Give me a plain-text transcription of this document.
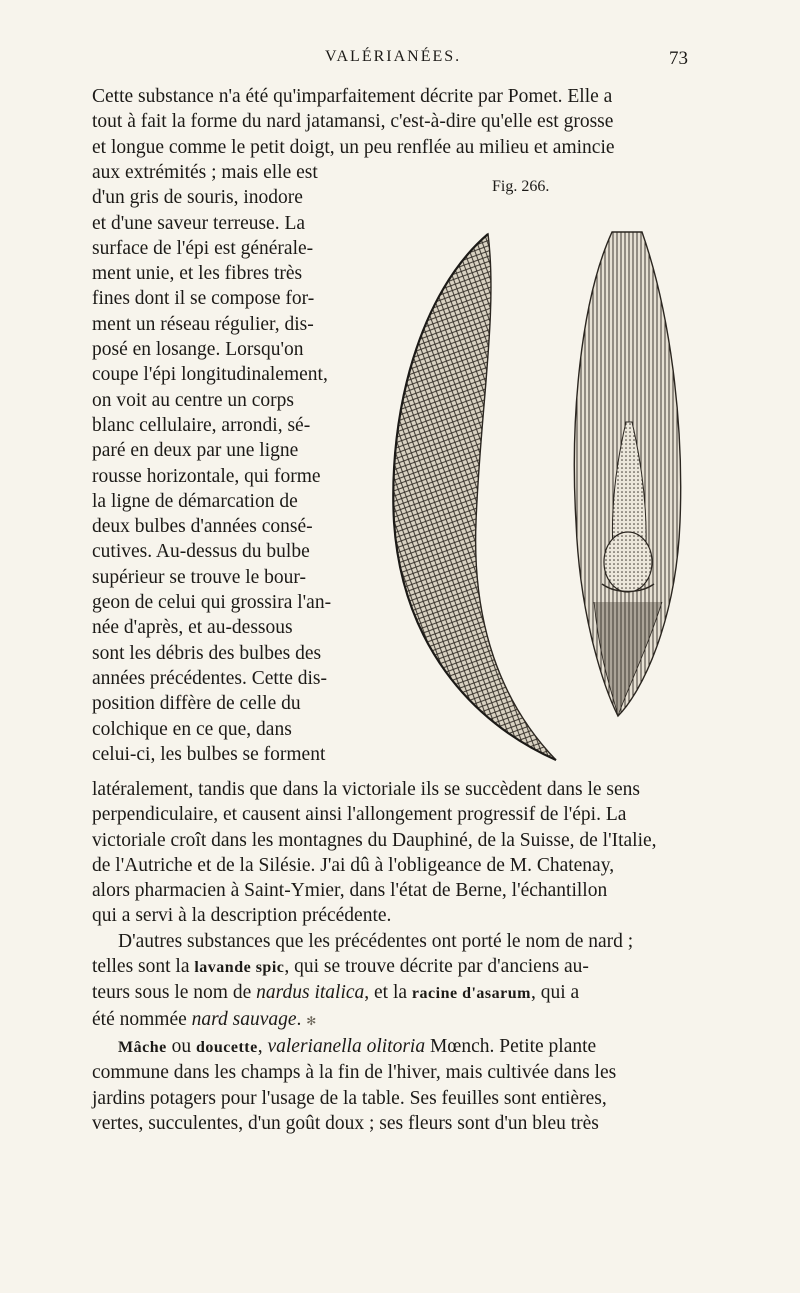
VALÉRIANÉES.	73
Cette substance n'a été qu'imparfaitement décrite par Pomet. Elle a
tout à fait la forme du nard jatamansi, c'est-à-dire qu'elle est grosse
et longue comme le petit doigt, un peu renflée au milieu et amincie
aux extrémités ; mais elle est
d'un gris de souris, inodore
et d'une saveur terreuse. La
surface de l'épi est générale-
ment unie, et les fibres très
fines dont il se compose for-
ment un réseau régulier, dis-
posé en losange. Lorsqu'on
coupe l'épi longitudinalement,
on voit au centre un corps
blanc cellulaire, arrondi, sé-
paré en deux par une ligne
rousse horizontale, qui forme
la ligne de démarcation de
deux bulbes d'années consé-
cutives. Au-dessus du bulbe
supérieur se trouve le bour-
geon de celui qui grossira l'an-
née d'après, et au-dessous
sont les débris des bulbes des
années précédentes. Cette dis-
position diffère de celle du
colchique en ce que, dans
celui-ci, les bulbes se forment
Fig. 266.
latéralement, tandis que dans la victoriale ils se succèdent dans le sens
perpendiculaire, et causent ainsi l'allongement progressif de l'épi. La
victoriale croît dans les montagnes du Dauphiné, de la Suisse, de l'Italie,
de l'Autriche et de la Silésie. J'ai dû à l'obligeance de M. Chatenay,
alors pharmacien à Saint-Ymier, dans l'état de Berne, l'échantillon
qui a servi à la description précédente.
D'autres substances que les précédentes ont porté le nom de nard ;
telles sont la lavande spic, qui se trouve décrite par d'anciens au-
teurs sous le nom de nardus italica, et la racine d'asarum, qui a
été nommée nard sauvage. ✻
Mâche ou doucette, valerianella olitoria Mœnch. Petite plante
commune dans les champs à la fin de l'hiver, mais cultivée dans les
jardins potagers pour l'usage de la table. Ses feuilles sont entières,
vertes, succulentes, d'un goût doux ; ses fleurs sont d'un bleu très
